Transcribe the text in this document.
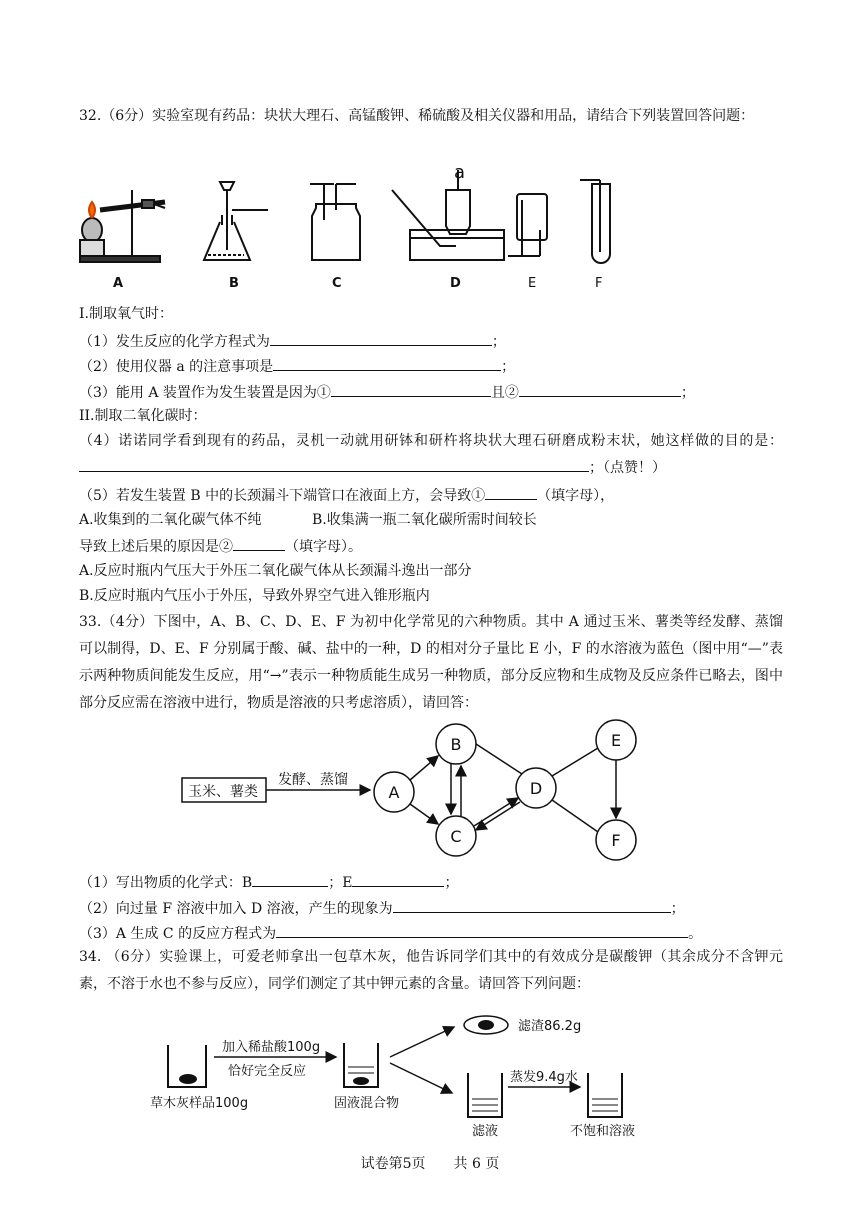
32.（6分）实验室现有药品：块状大理石、高锰酸钾、稀硫酸及相关仪器和用品，请结合下列装置回答问题：
a
A	B	C	D	E	F
I.制取氧气时：
（1）发生反应的化学方程式为	；
（2）使用仪器 a 的注意事项是	；
（3）能用 A 装置作为发生装置是因为①	且②	；
II.制取二氧化碳时：
（4）诺诺同学看到现有的药品，灵机一动就用研钵和研杵将块状大理石研磨成粉末状，她这样做的目的是：；（点赞！）
（5）若发生装置 B 中的长颈漏斗下端管口在液面上方，会导致①	（填字母），
A.收集到的二氧化碳气体不纯	B.收集满一瓶二氧化碳所需时间较长
导致上述后果的原因是②	（填字母）。
A.反应时瓶内气压大于外压二氧化碳气体从长颈漏斗逸出一部分
B.反应时瓶内气压小于外压，导致外界空气进入锥形瓶内
33.（4分）下图中，A、B、C、D、E、F 为初中化学常见的六种物质。其中 A 通过玉米、薯类等经发酵、蒸馏可以制得，D、E、F 分别属于酸、碱、盐中的一种，D 的相对分子量比 E 小，F 的水溶液为蓝色（图中用“—”表示两种物质间能发生反应，用“→”表示一种物质能生成另一种物质，部分反应物和生成物及反应条件已略去，图中部分反应需在溶液中进行，物质是溶液的只考虑溶质），请回答：
玉米、薯类
发酵、蒸馏
A
B
C
D
E
F
（1）写出物质的化学式：B	；E	；
（2）向过量 F 溶液中加入 D 溶液，产生的现象为	；
（3）A 生成 C 的反应方程式为	。
34. （6分）实验课上，可爱老师拿出一包草木灰，他告诉同学们其中的有效成分是碳酸钾（其余成分不含钾元素，不溶于水也不参与反应），同学们测定了其中钾元素的含量。请回答下列问题：
草木灰样品100g
加入稀盐酸100g
恰好完全反应
固液混合物
滤渣86.2g
滤液
蒸发9.4g水
不饱和溶液
试卷第5页　　共 6 页
